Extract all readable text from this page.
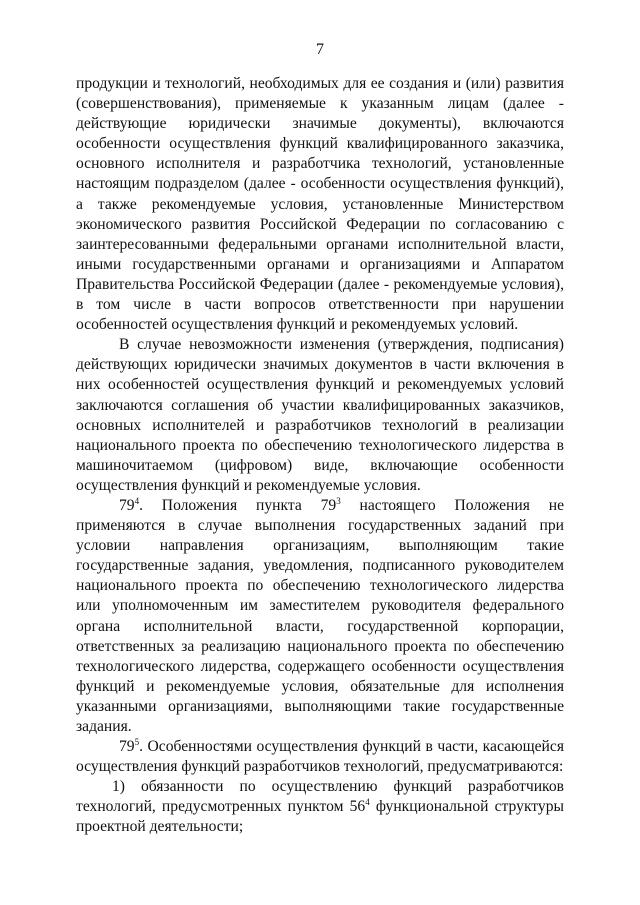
7

продукции и технологий, необходимых для ее создания и (или) развития (совершенствования), применяемые к указанным лицам (далее - действующие юридически значимые документы), включаются особенности осуществления функций квалифицированного заказчика, основного исполнителя и разработчика технологий, установленные настоящим подразделом (далее - особенности осуществления функций), а также рекомендуемые условия, установленные Министерством экономического развития Российской Федерации по согласованию с заинтересованными федеральными органами исполнительной власти, иными государственными органами и организациями и Аппаратом Правительства Российской Федерации (далее - рекомендуемые условия), в том числе в части вопросов ответственности при нарушении особенностей осуществления функций и рекомендуемых условий.

В случае невозможности изменения (утверждения, подписания) действующих юридически значимых документов в части включения в них особенностей осуществления функций и рекомендуемых условий заключаются соглашения об участии квалифицированных заказчиков, основных исполнителей и разработчиков технологий в реализации национального проекта по обеспечению технологического лидерства в машиночитаемом (цифровом) виде, включающие особенности осуществления функций и рекомендуемые условия.

$79^4$. Положения пункта $79^3$ настоящего Положения не применяются в случае выполнения государственных заданий при условии направления организациям, выполняющим такие государственные задания, уведомления, подписанного руководителем национального проекта по обеспечению технологического лидерства или уполномоченным им заместителем руководителя федерального органа исполнительной власти, государственной корпорации, ответственных за реализацию национального проекта по обеспечению технологического лидерства, содержащего особенности осуществления функций и рекомендуемые условия, обязательные для исполнения указанными организациями, выполняющими такие государственные задания.

$79^5$. Особенностями осуществления функций в части, касающейся осуществления функций разработчиков технологий, предусматриваются:

1) обязанности по осуществлению функций разработчиков технологий, предусмотренных пунктом $56^4$ функциональной структуры проектной деятельности;
